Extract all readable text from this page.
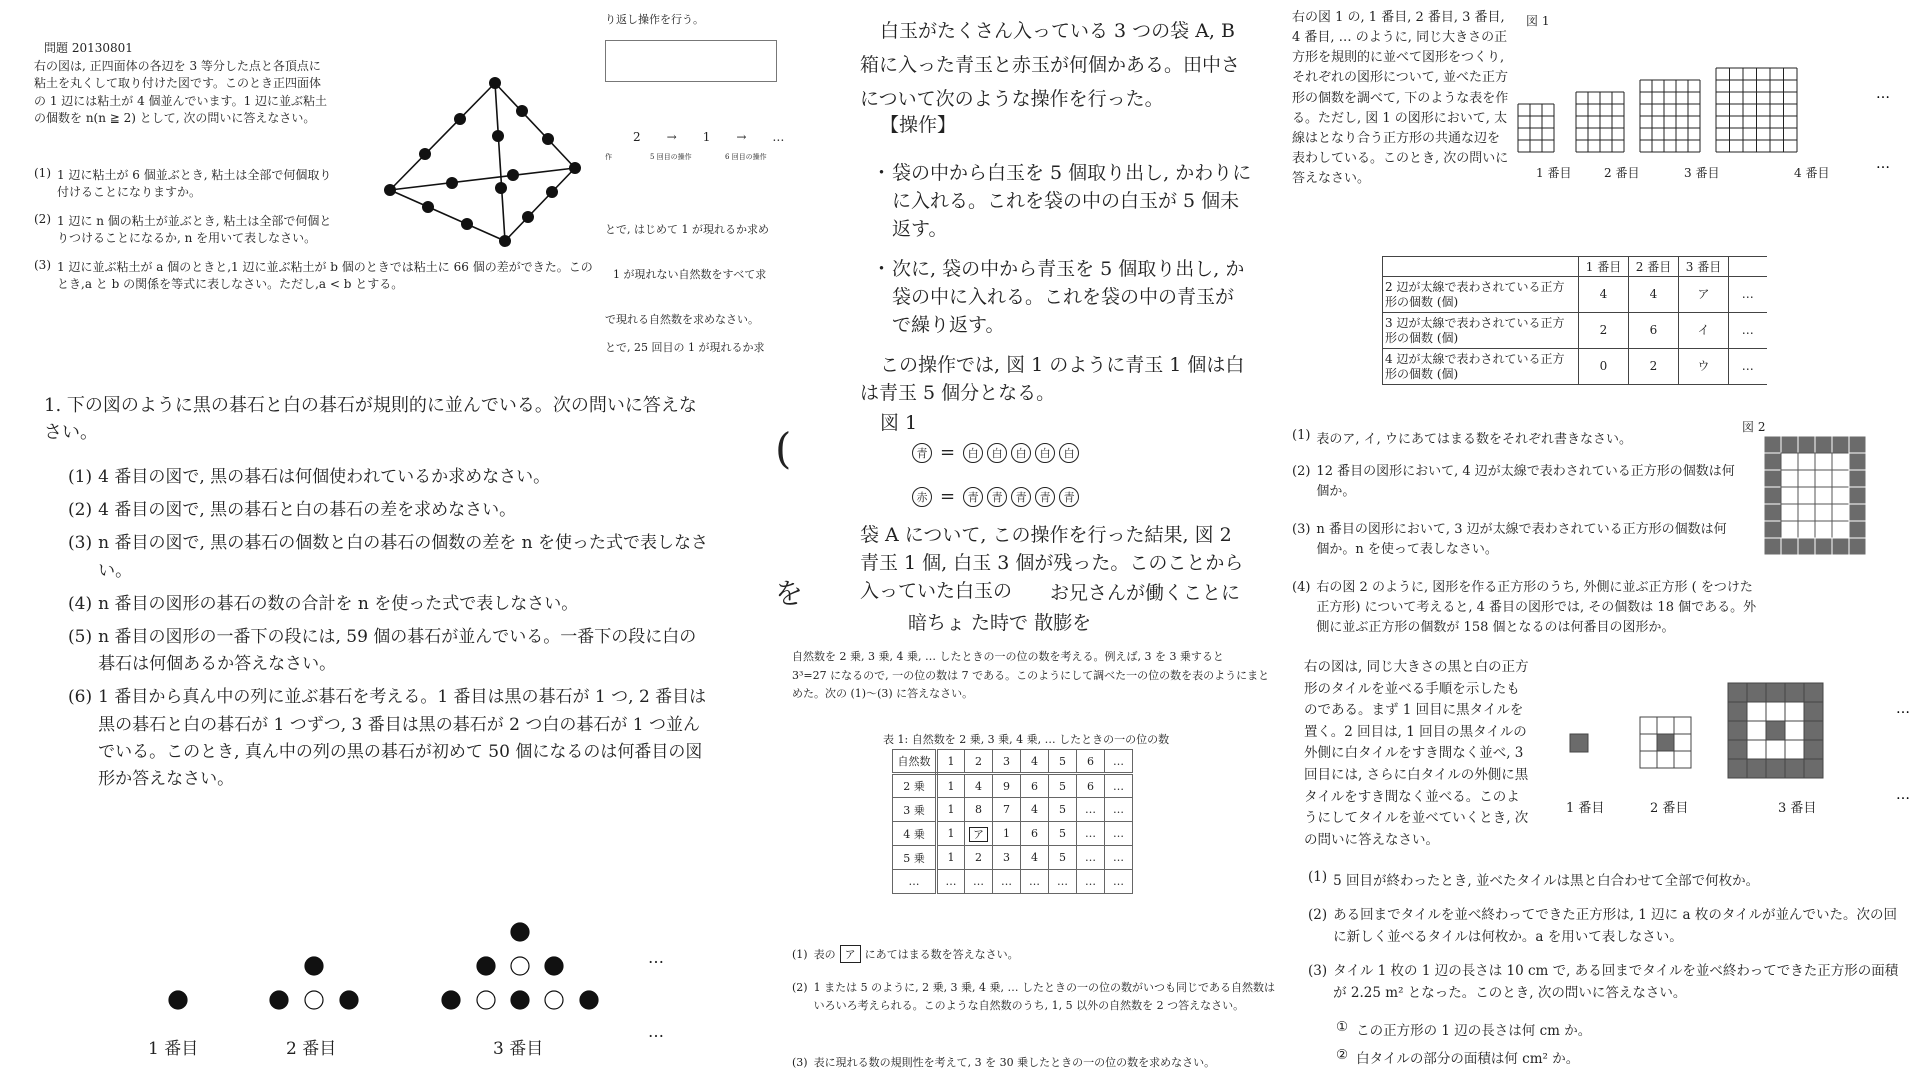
問題 20130801
右の図は, 正四面体の各辺を 3 等分した点と各頂点に粘土を丸くして取り付けた図です。このとき正四面体の 1 辺には粘土が 4 個並んでいます。1 辺に並ぶ粘土の個数を n(n ≧ 2) として, 次の問いに答えなさい。
(1) 1 辺に粘土が 6 個並ぶとき, 粘土は全部で何個取り付けることになりますか。
(2) 1 辺に n 個の粘土が並ぶとき, 粘土は全部で何個とりつけることになるか, n を用いて表しなさい。
(3) 1 辺に並ぶ粘土が a 個のときと,1 辺に並ぶ粘土が b 個のときでは粘土に 66 個の差ができた。このとき,a と b の関係を等式に表しなさい。ただし,a < b とする。
り返し操作を行う。
2 → 1 → …
作	5 回目の操作	6 回目の操作
とで, はじめて 1 が現れるか求め
1 が現れない自然数をすべて求
で現れる自然数を求めなさい。
とで, 25 回目の 1 が現れるか求
1. 下の図のように黒の碁石と白の碁石が規則的に並んでいる。次の問いに答えなさい。
(1) 4 番目の図で, 黒の碁石は何個使われているか求めなさい。
(2) 4 番目の図で, 黒の碁石と白の碁石の差を求めなさい。
(3) n 番目の図で, 黒の碁石の個数と白の碁石の個数の差を n を使った式で表しなさい。
(4) n 番目の図形の碁石の数の合計を n を使った式で表しなさい。
(5) n 番目の図形の一番下の段には, 59 個の碁石が並んでいる。一番下の段に白の碁石は何個あるか答えなさい。
(6) 1 番目から真ん中の列に並ぶ碁石を考える。1 番目は黒の碁石が 1 つ, 2 番目は黒の碁石と白の碁石が 1 つずつ, 3 番目は黒の碁石が 2 つ白の碁石が 1 つ並んでいる。このとき, 真ん中の列の黒の碁石が初めて 50 個になるのは何番目の図形か答えなさい。
1 番目	2 番目	3 番目
…
…
(
を
白玉がたくさん入っている 3 つの袋 A, B
箱に入った青玉と赤玉が何個かある。田中さ
について次のような操作を行った。
【操作】
・ 袋の中から白玉を 5 個取り出し, かわりに
に入れる。これを袋の中の白玉が 5 個未
返す。
・ 次に, 袋の中から青玉を 5 個取り出し, か
袋の中に入れる。これを袋の中の青玉が
で繰り返す。
この操作では, 図 1 のように青玉 1 個は白
は青玉 5 個分となる。
図 1
青 =	白	白	白	白	白
赤 =	青	青	青	青	青
袋 A について, この操作を行った結果, 図 2
青玉 1 個, 白玉 3 個が残った。このことから
入っていた白玉の お兄さんが働くことに
暗ちょ た時で 散膨を
自然数を 2 乗, 3 乗, 4 乗, … したときの一の位の数を考える。例えば, 3 を 3 乗すると
3³=27 になるので, 一の位の数は 7 である。このようにして調べた一の位の数を表のようにまとめた。次の (1)〜(3) に答えなさい。
表 1: 自然数を 2 乗, 3 乗, 4 乗, … したときの一の位の数
自然数	1	2	3	4	5	6	…
2 乗	1	4	9	6	5	6	…
3 乗	1	8	7	4	5	…	…
4 乗	1	ア	1	6	5	…	…
5 乗	1	2	3	4	5	…	…
…	…	…	…	…	…	…	…
(1) 表の ア にあてはまる数を答えなさい。
(2) 1 または 5 のように, 2 乗, 3 乗, 4 乗, … したときの一の位の数がいつも同じである自然数はいろいろ考えられる。このような自然数のうち, 1, 5 以外の自然数を 2 つ答えなさい。
(3) 表に現れる数の規則性を考えて, 3 を 30 乗したときの一の位の数を求めなさい。
右の図 1 の, 1 番目, 2 番目, 3 番目, 4 番目, … のように, 同じ大きさの正方形を規則的に並べて図形をつくり, それぞれの図形について, 並べた正方形の個数を調べて, 下のような表を作る。ただし, 図 1 の図形において, 太線はとなり合う正方形の共通な辺を表わしている。このとき, 次の問いに答えなさい。
図 1
…
…
1 番目	2 番目	3 番目	4 番目
	1 番目	2 番目	3 番目	
2 辺が太線で表わされている正方形の個数 (個)	4	4	ア	…
3 辺が太線で表わされている正方形の個数 (個)	2	6	イ	…
4 辺が太線で表わされている正方形の個数 (個)	0	2	ウ	…
図 2
(1) 表のア, イ, ウにあてはまる数をそれぞれ書きなさい。
(2) 12 番目の図形において, 4 辺が太線で表わされている正方形の個数は何個か。
(3) n 番目の図形において, 3 辺が太線で表わされている正方形の個数は何個か。n を使って表しなさい。
(4) 右の図 2 のように, 図形を作る正方形のうち, 外側に並ぶ正方形 ( をつけた正方形) について考えると, 4 番目の図形では, その個数は 18 個である。外側に並ぶ正方形の個数が 158 個となるのは何番目の図形か。
右の図は, 同じ大きさの黒と白の正方形のタイルを並べる手順を示したものである。まず 1 回目に黒タイルを置く。2 回目は, 1 回目の黒タイルの外側に白タイルをすき間なく並べ, 3 回目には, さらに白タイルの外側に黒タイルをすき間なく並べる。このようにしてタイルを並べていくとき, 次の問いに答えなさい。
…
…
1 番目	2 番目	3 番目
(1) 5 回目が終わったとき, 並べたタイルは黒と白合わせて全部で何枚か。
(2) ある回までタイルを並べ終わってできた正方形は, 1 辺に a 枚のタイルが並んでいた。次の回に新しく並べるタイルは何枚か。a を用いて表しなさい。
(3) タイル 1 枚の 1 辺の長さは 10 cm で, ある回までタイルを並べ終わってできた正方形の面積が 2.25 m² となった。このとき, 次の問いに答えなさい。
① この正方形の 1 辺の長さは何 cm か。
② 白タイルの部分の面積は何 cm² か。
